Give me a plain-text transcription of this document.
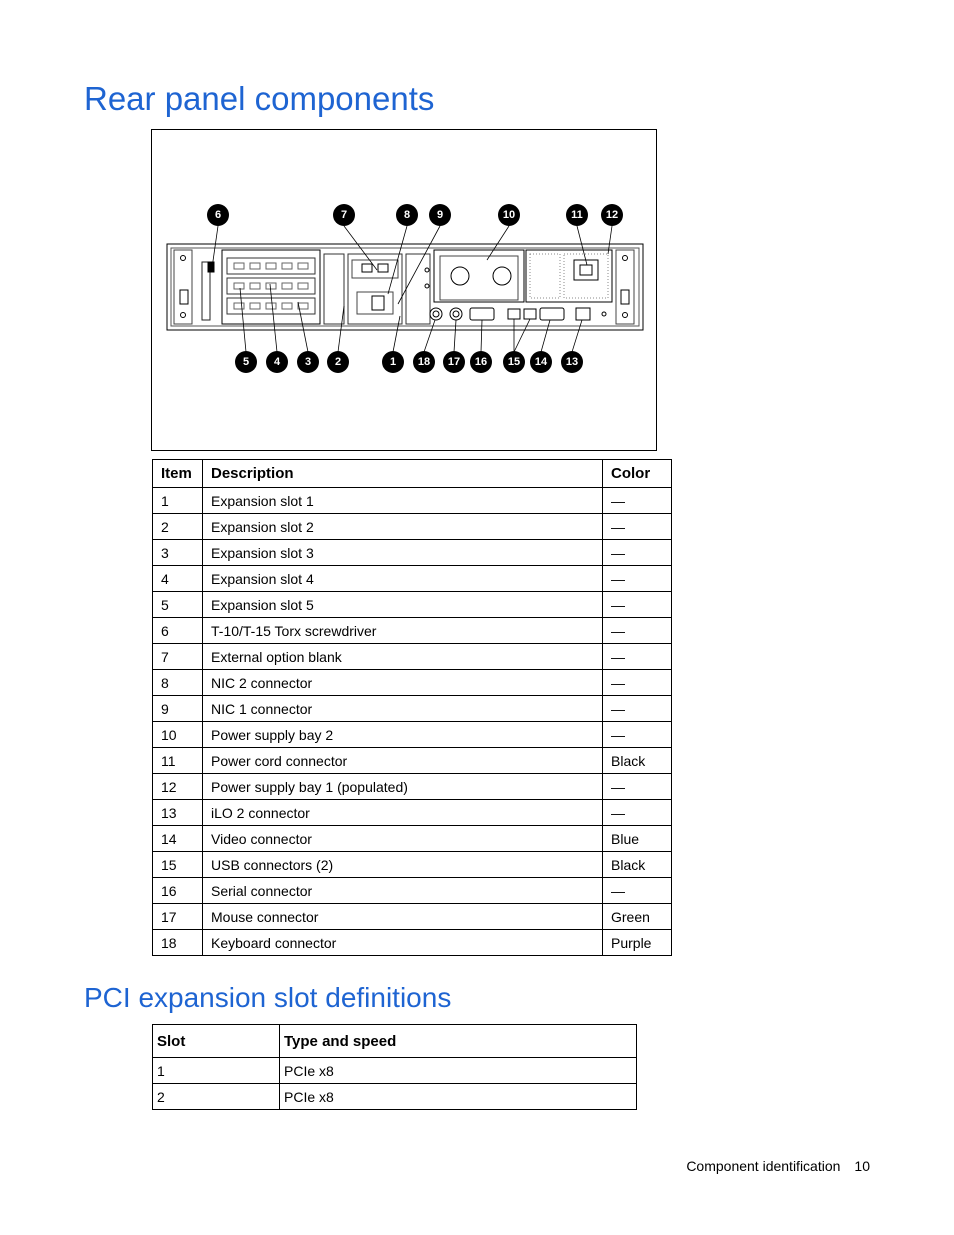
Rear panel components
6	7	8 9	10	11 12
5 4 3 2	1 18 17 16 15 14 13
Item	Description	Color
1	Expansion slot 1	—
2	Expansion slot 2	—
3	Expansion slot 3	—
4	Expansion slot 4	—
5	Expansion slot 5	—
6	T-10/T-15 Torx screwdriver	—
7	External option blank	—
8	NIC 2 connector	—
9	NIC 1 connector	—
10	Power supply bay 2	—
11	Power cord connector	Black
12	Power supply bay 1 (populated)	—
13	iLO 2 connector	—
14	Video connector	Blue
15	USB connectors (2)	Black
16	Serial connector	—
17	Mouse connector	Green
18	Keyboard connector	Purple
PCI expansion slot definitions
Slot	Type and speed
1	PCIe x8
2	PCIe x8
Component identification 10
